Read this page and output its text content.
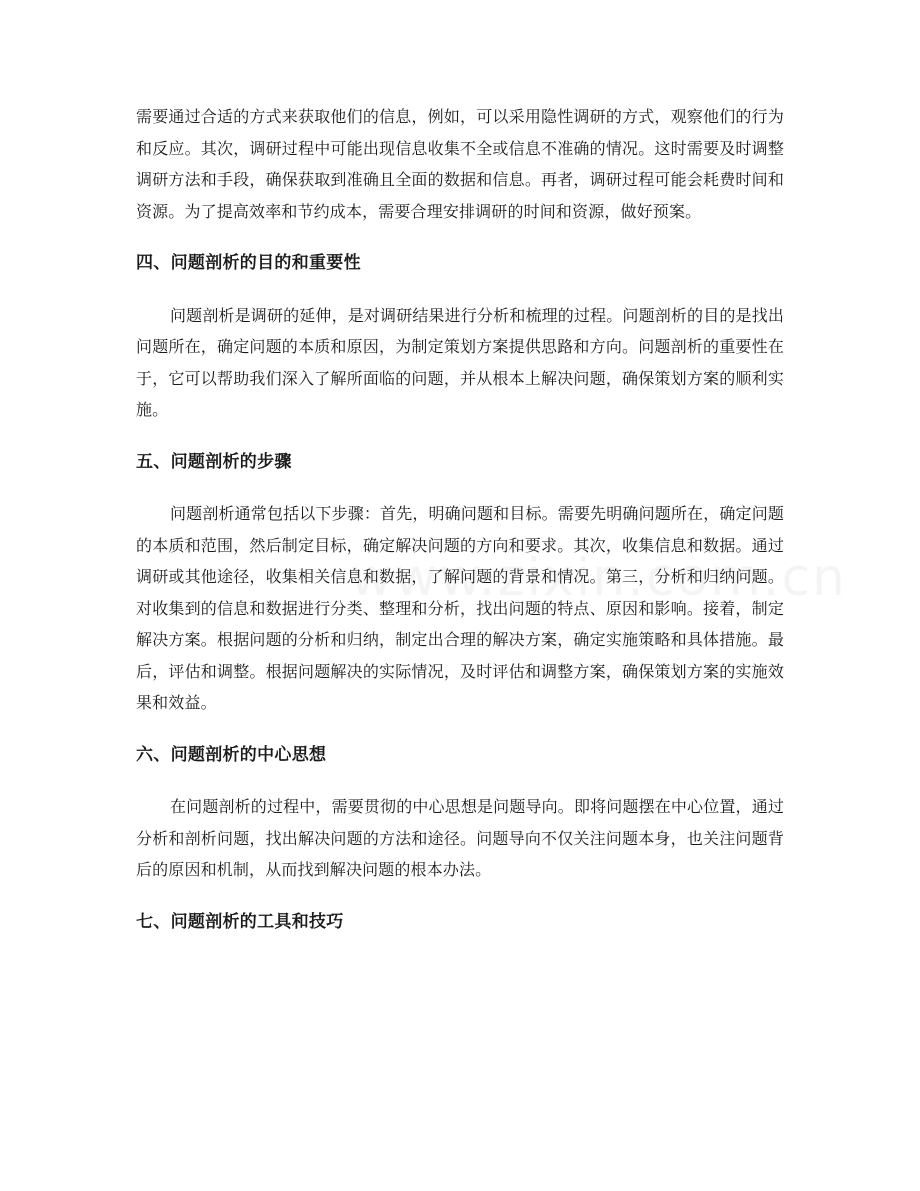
需要通过合适的方式来获取他们的信息，例如，可以采用隐性调研的方式，观察他们的行为和反应。其次，调研过程中可能出现信息收集不全或信息不准确的情况。这时需要及时调整调研方法和手段，确保获取到准确且全面的数据和信息。再者，调研过程可能会耗费时间和资源。为了提高效率和节约成本，需要合理安排调研的时间和资源，做好预案。

四、问题剖析的目的和重要性

问题剖析是调研的延伸，是对调研结果进行分析和梳理的过程。问题剖析的目的是找出问题所在，确定问题的本质和原因，为制定策划方案提供思路和方向。问题剖析的重要性在于，它可以帮助我们深入了解所面临的问题，并从根本上解决问题，确保策划方案的顺利实施。

五、问题剖析的步骤

问题剖析通常包括以下步骤：首先，明确问题和目标。需要先明确问题所在，确定问题的本质和范围，然后制定目标，确定解决问题的方向和要求。其次，收集信息和数据。通过调研或其他途径，收集相关信息和数据，了解问题的背景和情况。第三，分析和归纳问题。对收集到的信息和数据进行分类、整理和分析，找出问题的特点、原因和影响。接着，制定解决方案。根据问题的分析和归纳，制定出合理的解决方案，确定实施策略和具体措施。最后，评估和调整。根据问题解决的实际情况，及时评估和调整方案，确保策划方案的实施效果和效益。

六、问题剖析的中心思想

在问题剖析的过程中，需要贯彻的中心思想是问题导向。即将问题摆在中心位置，通过分析和剖析问题，找出解决问题的方法和途径。问题导向不仅关注问题本身，也关注问题背后的原因和机制，从而找到解决问题的根本办法。

七、问题剖析的工具和技巧
